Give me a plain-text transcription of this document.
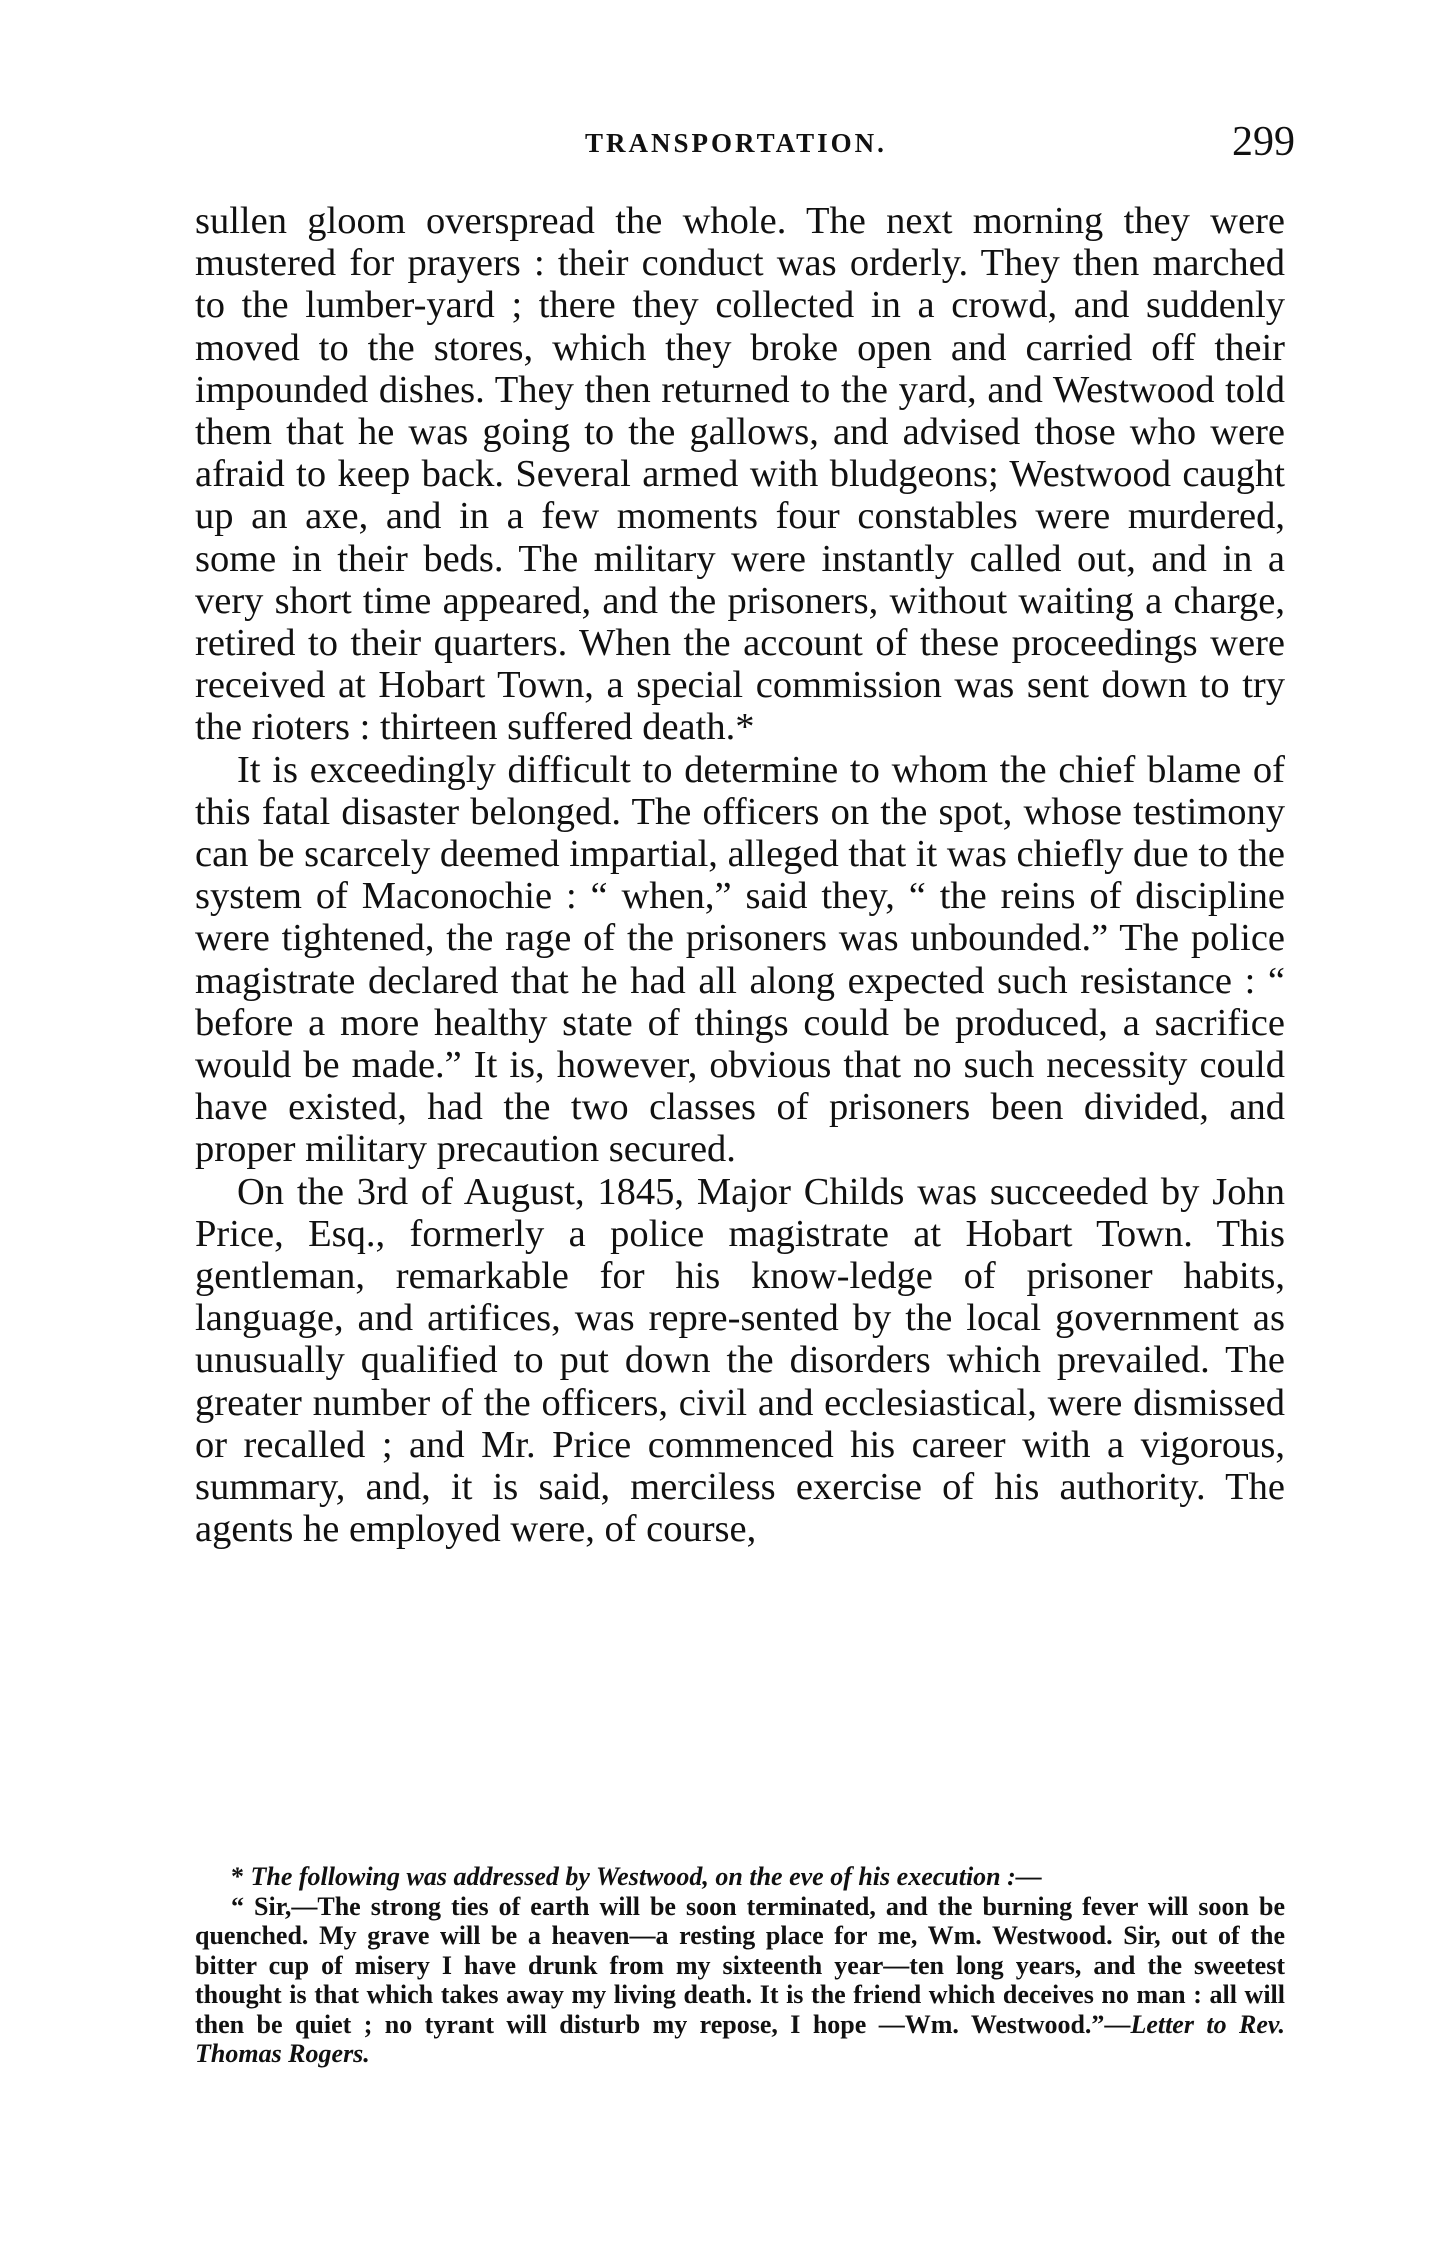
TRANSPORTATION.	299

sullen gloom overspread the whole. The next morning they were mustered for prayers : their conduct was orderly. They then marched to the lumber-yard ; there they collected in a crowd, and suddenly moved to the stores, which they broke open and carried off their impounded dishes. They then returned to the yard, and Westwood told them that he was going to the gallows, and advised those who were afraid to keep back. Several armed with bludgeons; Westwood caught up an axe, and in a few moments four constables were murdered, some in their beds. The military were instantly called out, and in a very short time appeared, and the prisoners, without waiting a charge, retired to their quarters. When the account of these proceedings were received at Hobart Town, a special commission was sent down to try the rioters : thirteen suffered death.*

It is exceedingly difficult to determine to whom the chief blame of this fatal disaster belonged. The officers on the spot, whose testimony can be scarcely deemed impartial, alleged that it was chiefly due to the system of Maconochie : “ when,” said they, “ the reins of discipline were tightened, the rage of the prisoners was unbounded.” The police magistrate declared that he had all along expected such resistance : “ before a more healthy state of things could be produced, a sacrifice would be made.” It is, however, obvious that no such necessity could have existed, had the two classes of prisoners been divided, and proper military precaution secured.

On the 3rd of August, 1845, Major Childs was succeeded by John Price, Esq., formerly a police magistrate at Hobart Town. This gentleman, remarkable for his know-ledge of prisoner habits, language, and artifices, was repre-sented by the local government as unusually qualified to put down the disorders which prevailed. The greater number of the officers, civil and ecclesiastical, were dismissed or recalled ; and Mr. Price commenced his career with a vigorous, summary, and, it is said, merciless exercise of his authority. The agents he employed were, of course,

* The following was addressed by Westwood, on the eve of his execution :—

“ Sir,—The strong ties of earth will be soon terminated, and the burning fever will soon be quenched. My grave will be a heaven—a resting place for me, Wm. Westwood. Sir, out of the bitter cup of misery I have drunk from my sixteenth year—ten long years, and the sweetest thought is that which takes away my living death. It is the friend which deceives no man : all will then be quiet ; no tyrant will disturb my repose, I hope —Wm. Westwood.”—Letter to Rev. Thomas Rogers.
